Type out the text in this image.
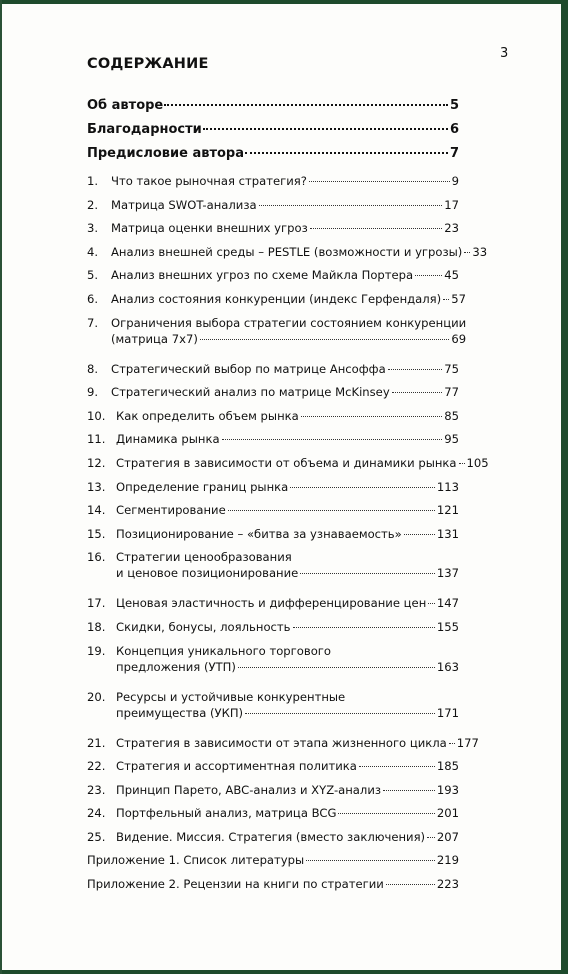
3
СОДЕРЖАНИЕ
Об авторе	5
Благодарности	6
Предисловие автора	7
1.	Что такое рыночная стратегия?	9
2.	Матрица SWOT-анализа	17
3.	Матрица оценки внешних угроз	23
4.	Анализ внешней среды – PESTLE (возможности и угрозы) 33
5.	Анализ внешних угроз по схеме Майкла Портера	45
6.	Анализ состояния конкуренции (индекс Герфендаля) 57
7.	Ограничения выбора стратегии состоянием конкуренции
(матрица 7х7)	69
8.	Стратегический выбор по матрице Ансоффа	75
9.	Стратегический анализ по матрице McKinsey	77
10. Как определить объем рынка	85
11. Динамика рынка	95
12. Стратегия в зависимости от объема и динамики рынка 105
13. Определение границ рынка	113
14. Сегментирование	121
15. Позиционирование – «битва за узнаваемость»	131
16. Стратегии ценообразования
и ценовое позиционирование	137
17. Ценовая эластичность и дифференцирование цен 147
18. Скидки, бонусы, лояльность	155
19. Концепция уникального торгового
предложения (УТП)	163
20. Ресурсы и устойчивые конкурентные
преимущества (УКП)	171
21. Стратегия в зависимости от этапа жизненного цикла 177
22. Стратегия и ассортиментная политика	185
23. Принцип Парето, ABC-анализ и XYZ-анализ	193
24. Портфельный анализ, матрица BCG	201
25. Видение. Миссия. Стратегия (вместо заключения) 207
Приложение 1. Список литературы	219
Приложение 2. Рецензии на книги по стратегии	223
